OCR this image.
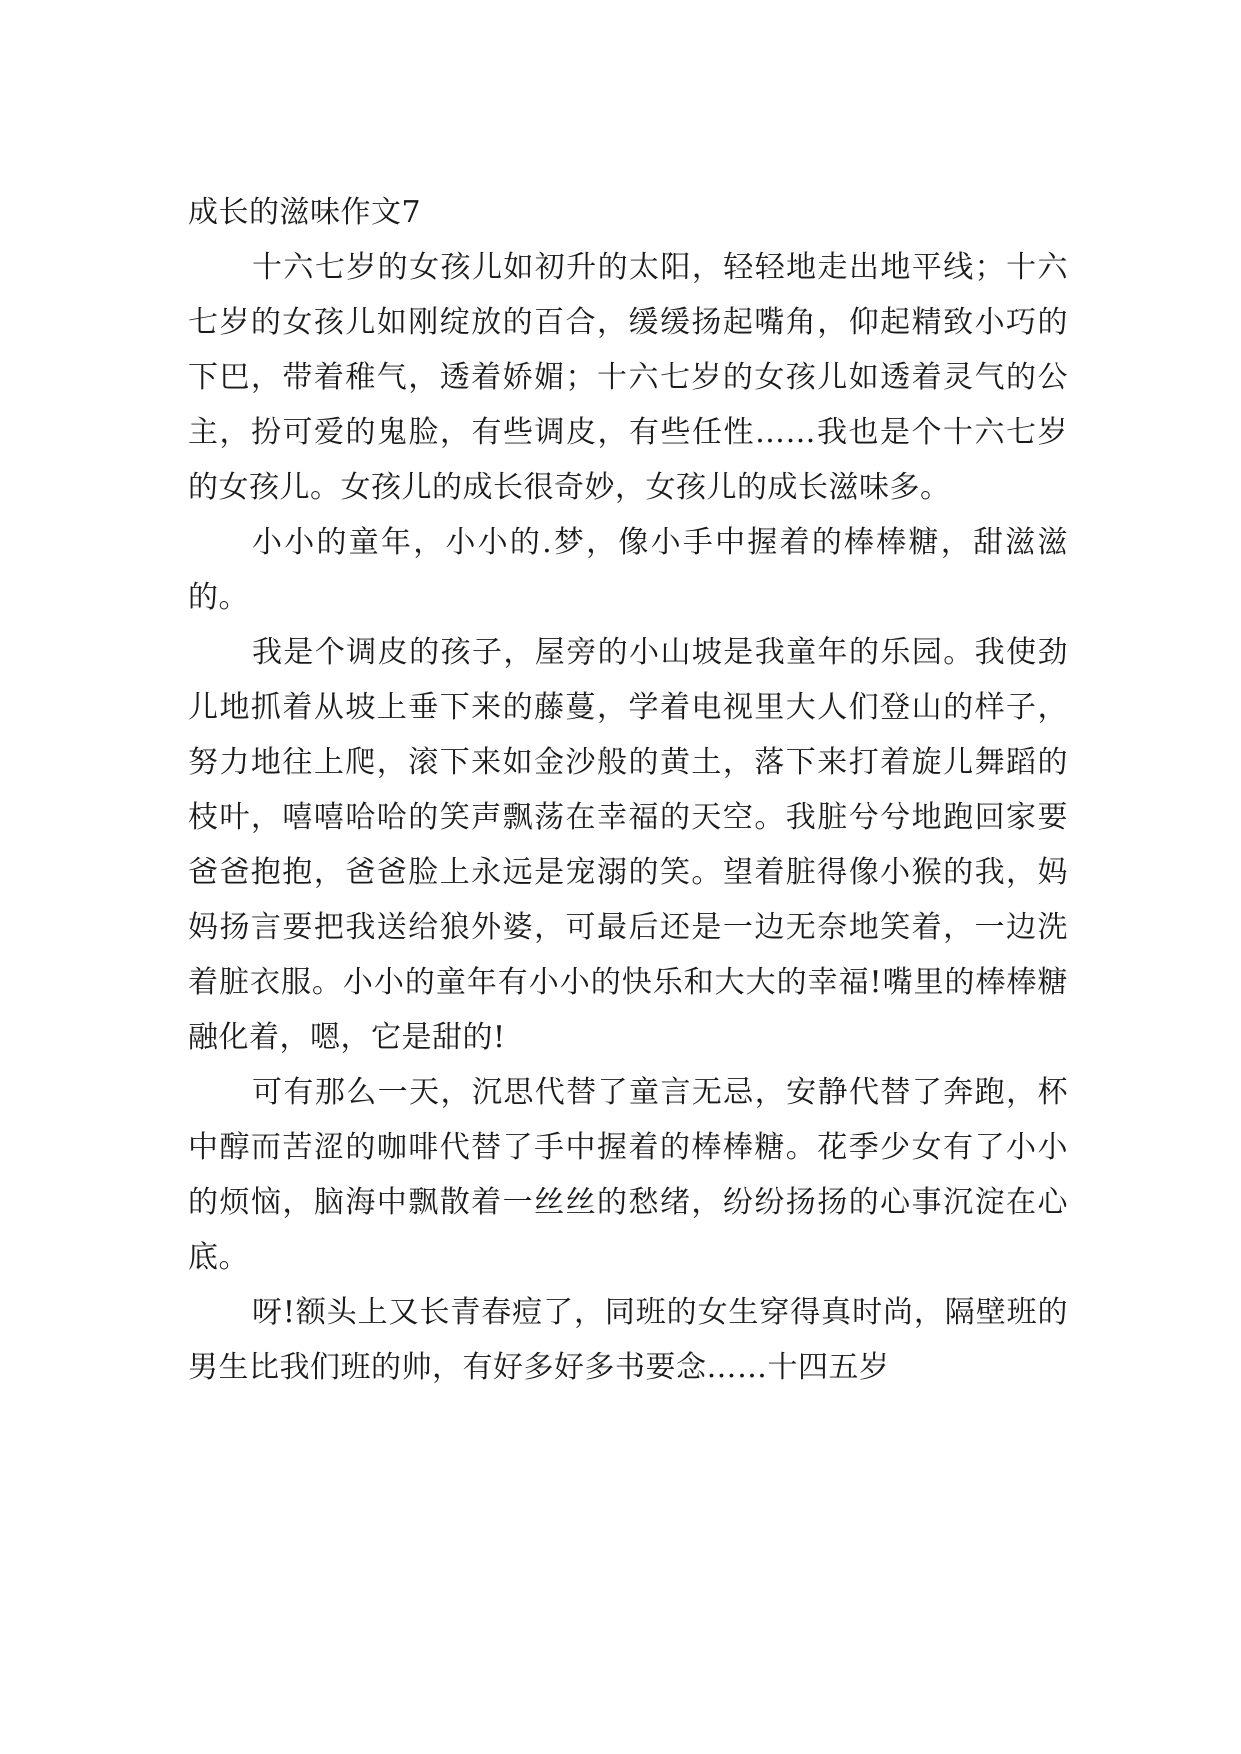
成长的滋味作文7

十六七岁的女孩儿如初升的太阳，轻轻地走出地平线；十六七岁的女孩儿如刚绽放的百合，缓缓扬起嘴角，仰起精致小巧的下巴，带着稚气，透着娇媚；十六七岁的女孩儿如透着灵气的公主，扮可爱的鬼脸，有些调皮，有些任性……我也是个十六七岁的女孩儿。女孩儿的成长很奇妙，女孩儿的成长滋味多。

小小的童年，小小的.梦，像小手中握着的棒棒糖，甜滋滋的。

我是个调皮的孩子，屋旁的小山坡是我童年的乐园。我使劲儿地抓着从坡上垂下来的藤蔓，学着电视里大人们登山的样子，努力地往上爬，滚下来如金沙般的黄土，落下来打着旋儿舞蹈的枝叶，嘻嘻哈哈的笑声飘荡在幸福的天空。我脏兮兮地跑回家要爸爸抱抱，爸爸脸上永远是宠溺的笑。望着脏得像小猴的我，妈妈扬言要把我送给狼外婆，可最后还是一边无奈地笑着，一边洗着脏衣服。小小的童年有小小的快乐和大大的幸福!嘴里的棒棒糖融化着，嗯，它是甜的!

可有那么一天，沉思代替了童言无忌，安静代替了奔跑，杯中醇而苦涩的咖啡代替了手中握着的棒棒糖。花季少女有了小小的烦恼，脑海中飘散着一丝丝的愁绪，纷纷扬扬的心事沉淀在心底。

呀!额头上又长青春痘了，同班的女生穿得真时尚，隔壁班的男生比我们班的帅，有好多好多书要念……十四五岁
